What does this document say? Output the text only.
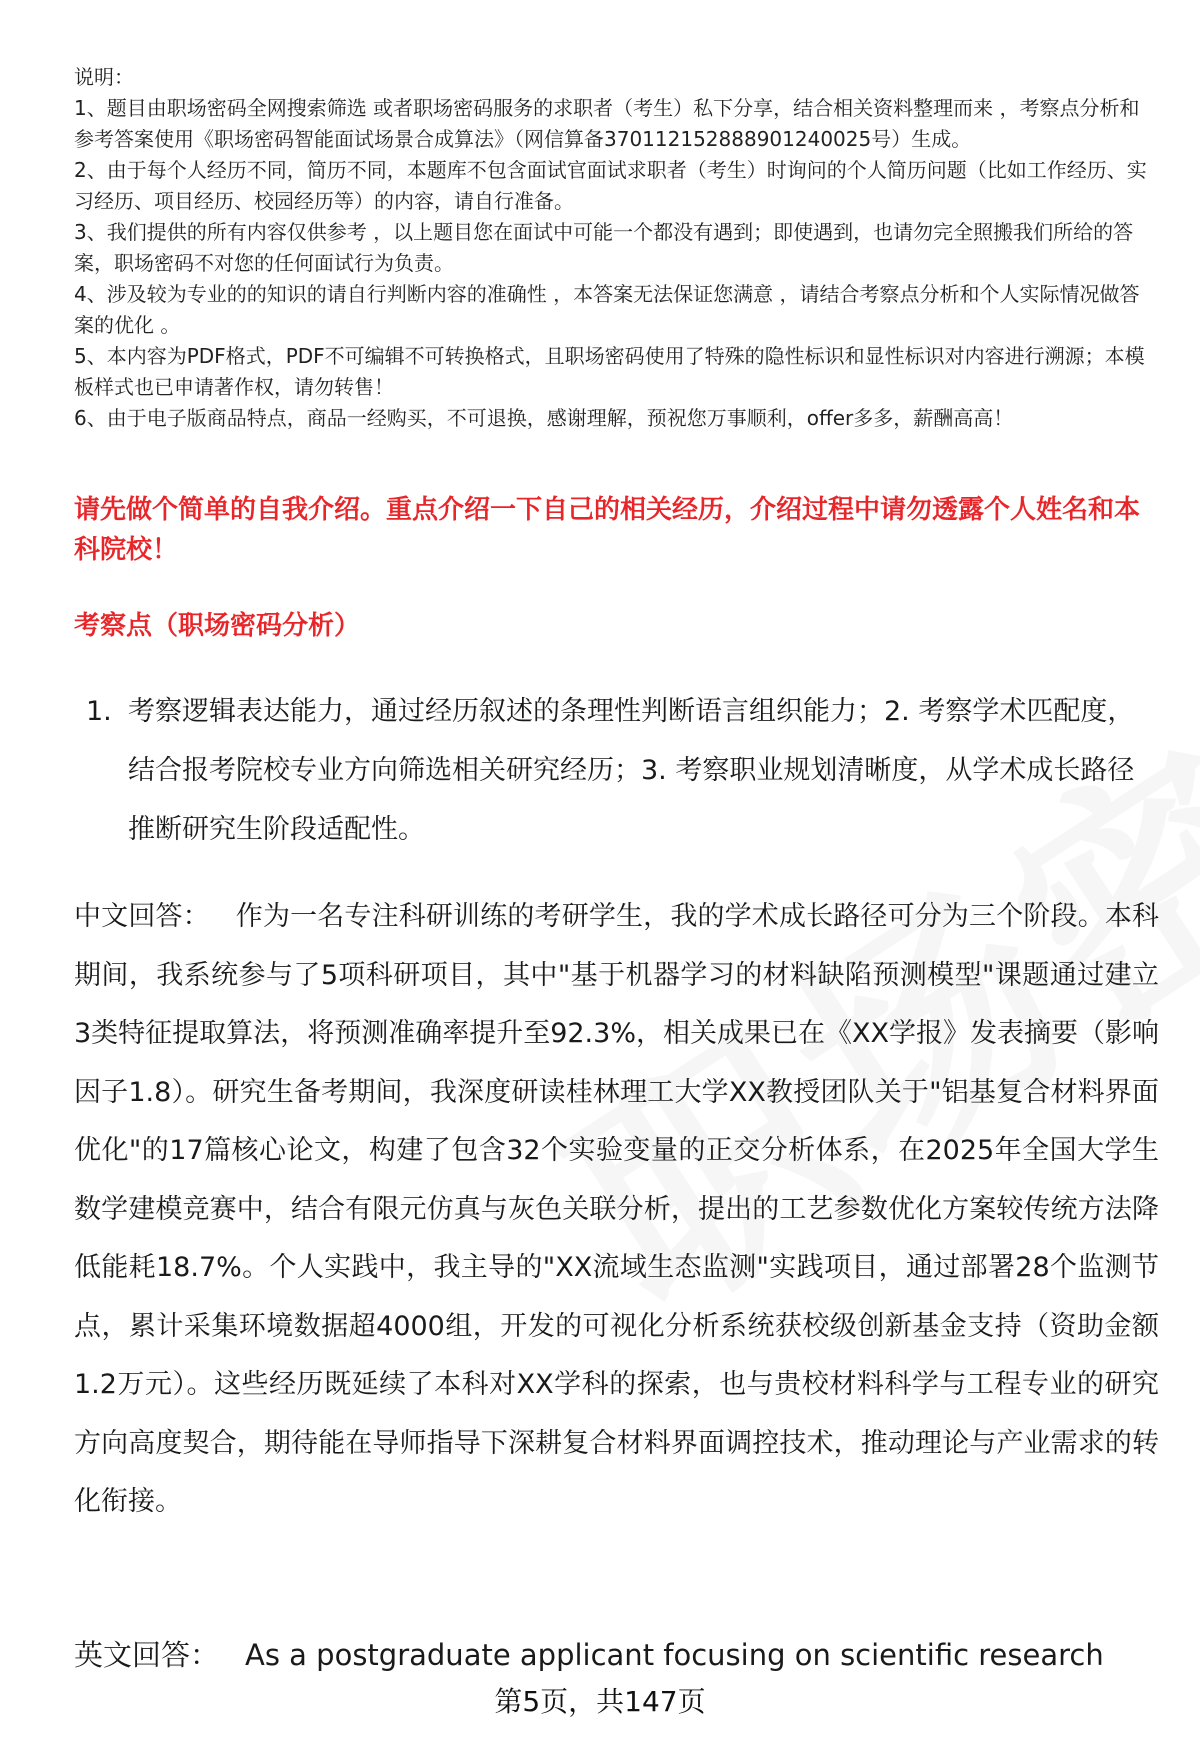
说明：

1、题目由职场密码全网搜索筛选 或者职场密码服务的求职者（考生）私下分享，结合相关资料整理而来 ，考察点分析和参考答案使用《职场密码智能面试场景合成算法》（网信算备370112152888901240025号）生成。

2、由于每个人经历不同，简历不同，本题库不包含面试官面试求职者（考生）时询问的个人简历问题（比如工作经历、实习经历、项目经历、校园经历等）的内容，请自行准备。

3、我们提供的所有内容仅供参考 ，以上题目您在面试中可能一个都没有遇到；即使遇到，也请勿完全照搬我们所给的答案，职场密码不对您的任何面试行为负责。

4、涉及较为专业的的知识的请自行判断内容的准确性 ，本答案无法保证您满意 ，请结合考察点分析和个人实际情况做答案的优化 。

5、本内容为PDF格式，PDF不可编辑不可转换格式，且职场密码使用了特殊的隐性标识和显性标识对内容进行溯源；本模板样式也已申请著作权，请勿转售！

6、由于电子版商品特点，商品一经购买，不可退换，感谢理解，预祝您万事顺利，offer多多，薪酬高高！

请先做个简单的自我介绍。重点介绍一下自己的相关经历，介绍过程中请勿透露个人姓名和本科院校！
考察点（职场密码分析）
1. 考察逻辑表达能力，通过经历叙述的条理性判断语言组织能力；2. 考察学术匹配度，结合报考院校专业方向筛选相关研究经历；3. 考察职业规划清晰度，从学术成长路径推断研究生阶段适配性。
中文回答： 作为一名专注科研训练的考研学生，我的学术成长路径可分为三个阶段。本科期间，我系统参与了5项科研项目，其中"基于机器学习的材料缺陷预测模型"课题通过建立3类特征提取算法，将预测准确率提升至92.3%，相关成果已在《XX学报》发表摘要（影响因子1.8）。研究生备考期间，我深度研读桂林理工大学XX教授团队关于"铝基复合材料界面优化"的17篇核心论文，构建了包含32个实验变量的正交分析体系，在2025年全国大学生数学建模竞赛中，结合有限元仿真与灰色关联分析，提出的工艺参数优化方案较传统方法降低能耗18.7%。个人实践中，我主导的"XX流域生态监测"实践项目，通过部署28个监测节点，累计采集环境数据超4000组，开发的可视化分析系统获校级创新基金支持（资助金额1.2万元）。这些经历既延续了本科对XX学科的探索，也与贵校材料科学与工程专业的研究方向高度契合，期待能在导师指导下深耕复合材料界面调控技术，推动理论与产业需求的转化衔接。
英文回答： As a postgraduate applicant focusing on scientific research
第5页，共147页
